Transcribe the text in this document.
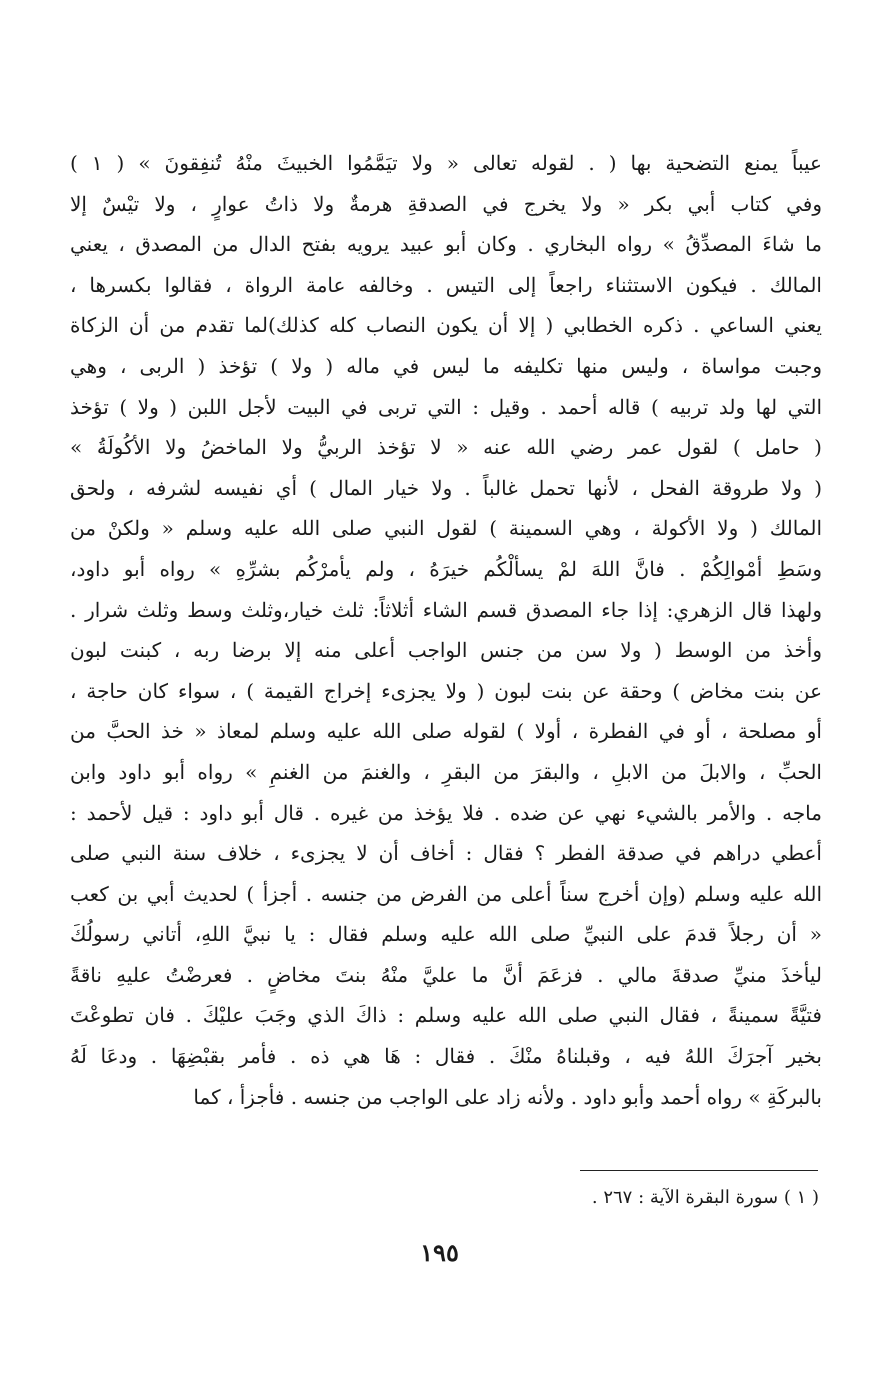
عيباً يمنع التضحية بها ( . لقوله تعالى « ولا تيَمَّمُوا الخبيثَ منْهُ تُنفِقونَ » ( ١ )
وفي كتاب أبي بكر « ولا يخرج في الصدقةِ هرمةٌ ولا ذاتُ عوارٍ ، ولا تيْسٌ إلا
ما شاءَ المصدِّقُ » رواه البخاري . وكان أبو عبيد يرويه بفتح الدال من المصدق ، يعني
المالك . فيكون الاستثناء راجعاً إلى التيس . وخالفه عامة الرواة ، فقالوا بكسرها ،
يعني الساعي . ذكره الخطابي ( إلا أن يكون النصاب كله كذلك)لما تقدم من أن الزكاة
وجبت مواساة ، وليس منها تكليفه ما ليس في ماله ( ولا ) تؤخذ ( الربى ، وهي
التي لها ولد تربيه ) قاله أحمد . وقيل : التي تربى في البيت لأجل اللبن ( ولا ) تؤخذ
( حامل ) لقول عمر رضي الله عنه « لا تؤخذ الربيُّ ولا الماخضُ ولا الأكُولَةُ »
( ولا طروقة الفحل ، لأنها تحمل غالباً . ولا خيار المال ) أي نفيسه لشرفه ، ولحق
المالك ( ولا الأكولة ، وهي السمينة ) لقول النبي صلى الله عليه وسلم « ولكنْ من
وسَطِ أمْوالِكُمْ . فانَّ اللهَ لمْ يسألْكُم خيرَهُ ، ولم يأمرْكُم بشرِّهِ » رواه أبو داود،
ولهذا قال الزهري: إذا جاء المصدق قسم الشاء أثلاثاً: ثلث خيار،وثلث وسط وثلث شرار .
وأخذ من الوسط ( ولا سن من جنس الواجب أعلى منه إلا برضا ربه ، كبنت لبون
عن بنت مخاض ) وحقة عن بنت لبون ( ولا يجزىء إخراج القيمة ) ، سواء كان حاجة ،
أو مصلحة ، أو في الفطرة ، أولا ) لقوله صلى الله عليه وسلم لمعاذ « خذ الحبَّ من
الحبِّ ، والابلَ من الابلِ ، والبقرَ من البقرِ ، والغنمَ من الغنمِ » رواه أبو داود وابن
ماجه . والأمر بالشيء نهي عن ضده . فلا يؤخذ من غيره . قال أبو داود : قيل لأحمد :
أعطي دراهم في صدقة الفطر ؟ فقال : أخاف أن لا يجزىء ، خلاف سنة النبي صلى
الله عليه وسلم (وإن أخرج سناً أعلى من الفرض من جنسه . أجزأ ) لحديث أبي بن كعب
« أن رجلاً قدمَ على النبيِّ صلى الله عليه وسلم فقال : يا نبيَّ اللهِ، أتاني رسولُكَ
ليأخذَ منيِّ صدقةَ مالي . فزعَمَ أنَّ ما عليَّ منْهُ بنتَ مخاضٍ . فعرضْتُ عليهِ ناقةً
فتيَّةً سمينةً ، فقال النبي صلى الله عليه وسلم : ذاكَ الذي وجَبَ عليْكَ . فان تطوعْتَ
بخير آجرَكَ اللهُ فيه ، وقبلناهُ منْكَ . فقال : هَا هي ذه . فأمر بقبْضِهَا . ودعَا لَهُ
بالبركَةِ » رواه أحمد وأبو داود . ولأنه زاد على الواجب من جنسه . فأجزأ ، كما
( ١ ) سورة البقرة الآية : ٢٦٧ .
١٩٥
